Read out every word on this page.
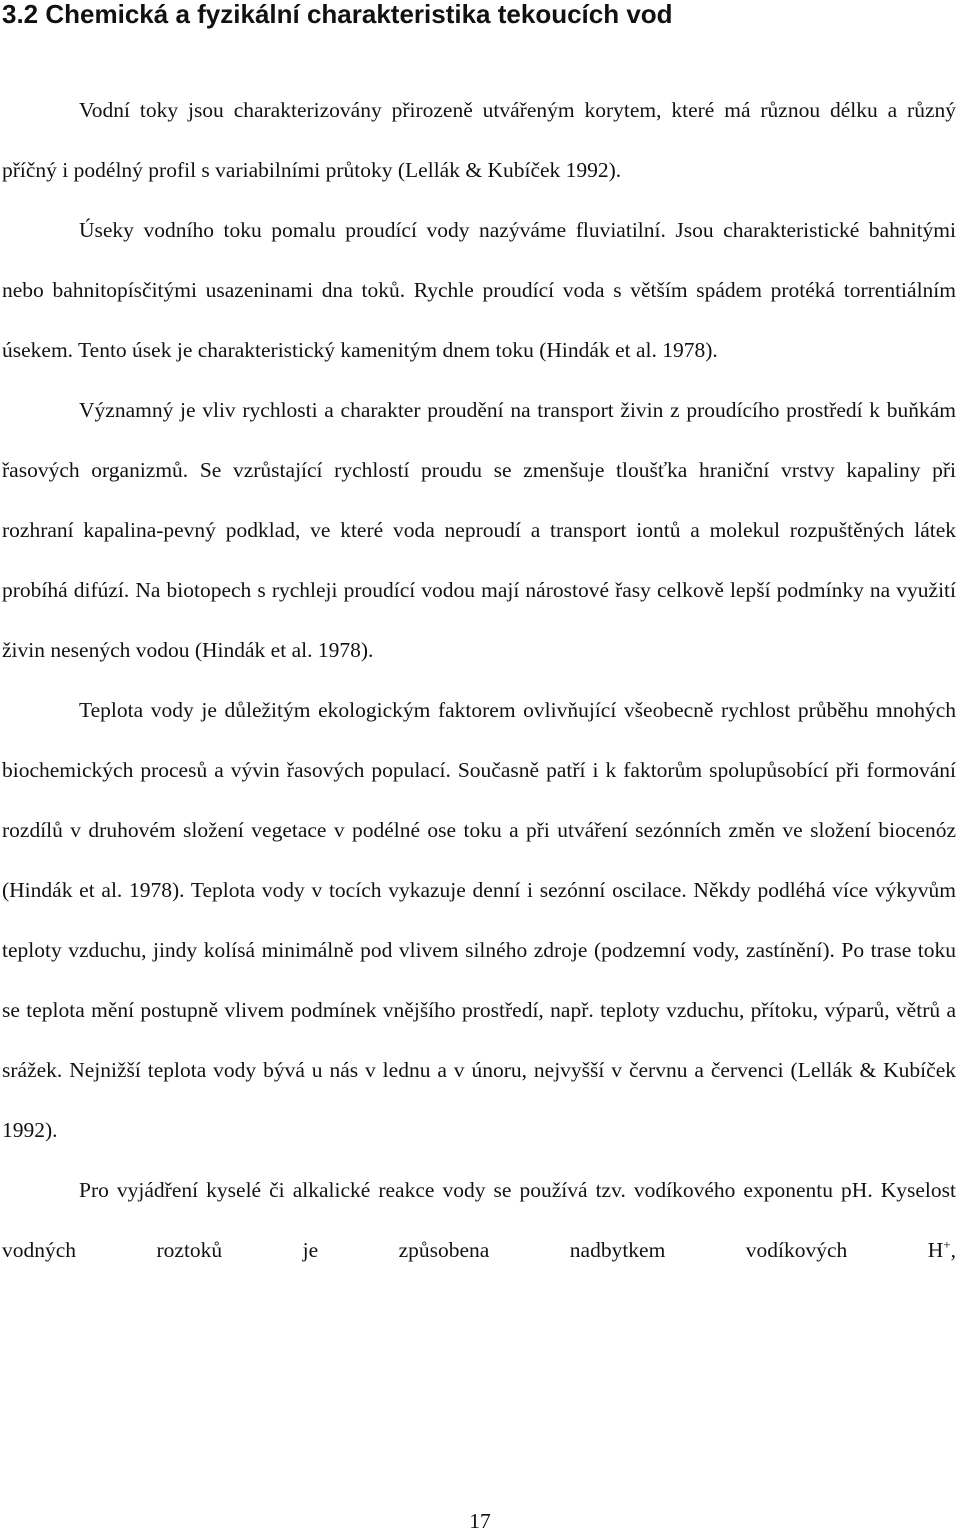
3.2 Chemická a fyzikální charakteristika tekoucích vod

Vodní toky jsou charakterizovány přirozeně utvářeným korytem, které má různou délku a různý příčný i podélný profil s variabilními průtoky (Lellák & Kubíček 1992).

Úseky vodního toku pomalu proudící vody nazýváme fluviatilní. Jsou charakteristické bahnitými nebo bahnitopísčitými usazeninami dna toků. Rychle proudící voda s větším spádem protéká torrentiálním úsekem. Tento úsek je charakteristický kamenitým dnem toku (Hindák et al. 1978).

Významný je vliv rychlosti a charakter proudění na transport živin z proudícího prostředí k buňkám řasových organizmů. Se vzrůstající rychlostí proudu se zmenšuje tloušťka hraniční vrstvy kapaliny při rozhraní kapalina-pevný podklad, ve které voda neproudí a transport iontů a molekul rozpuštěných látek probíhá difúzí. Na biotopech s rychleji proudící vodou mají nárostové řasy celkově lepší podmínky na využití živin nesených vodou (Hindák et al. 1978).

Teplota vody je důležitým ekologickým faktorem ovlivňující všeobecně rychlost průběhu mnohých biochemických procesů a vývin řasových populací. Současně patří i k faktorům spolupůsobící při formování rozdílů v druhovém složení vegetace v podélné ose toku a při utváření sezónních změn ve složení biocenóz (Hindák et al. 1978). Teplota vody v tocích vykazuje denní i sezónní oscilace. Někdy podléhá více výkyvům teploty vzduchu, jindy kolísá minimálně pod vlivem silného zdroje (podzemní vody, zastínění). Po trase toku se teplota mění postupně vlivem podmínek vnějšího prostředí, např. teploty vzduchu, přítoku, výparů, větrů a srážek. Nejnižší teplota vody bývá u nás v lednu a v únoru, nejvyšší v červnu a červenci (Lellák & Kubíček 1992).

Pro vyjádření kyselé či alkalické reakce vody se používá tzv. vodíkového exponentu pH. Kyselost vodných roztoků je způsobena nadbytkem vodíkových H+,

17
